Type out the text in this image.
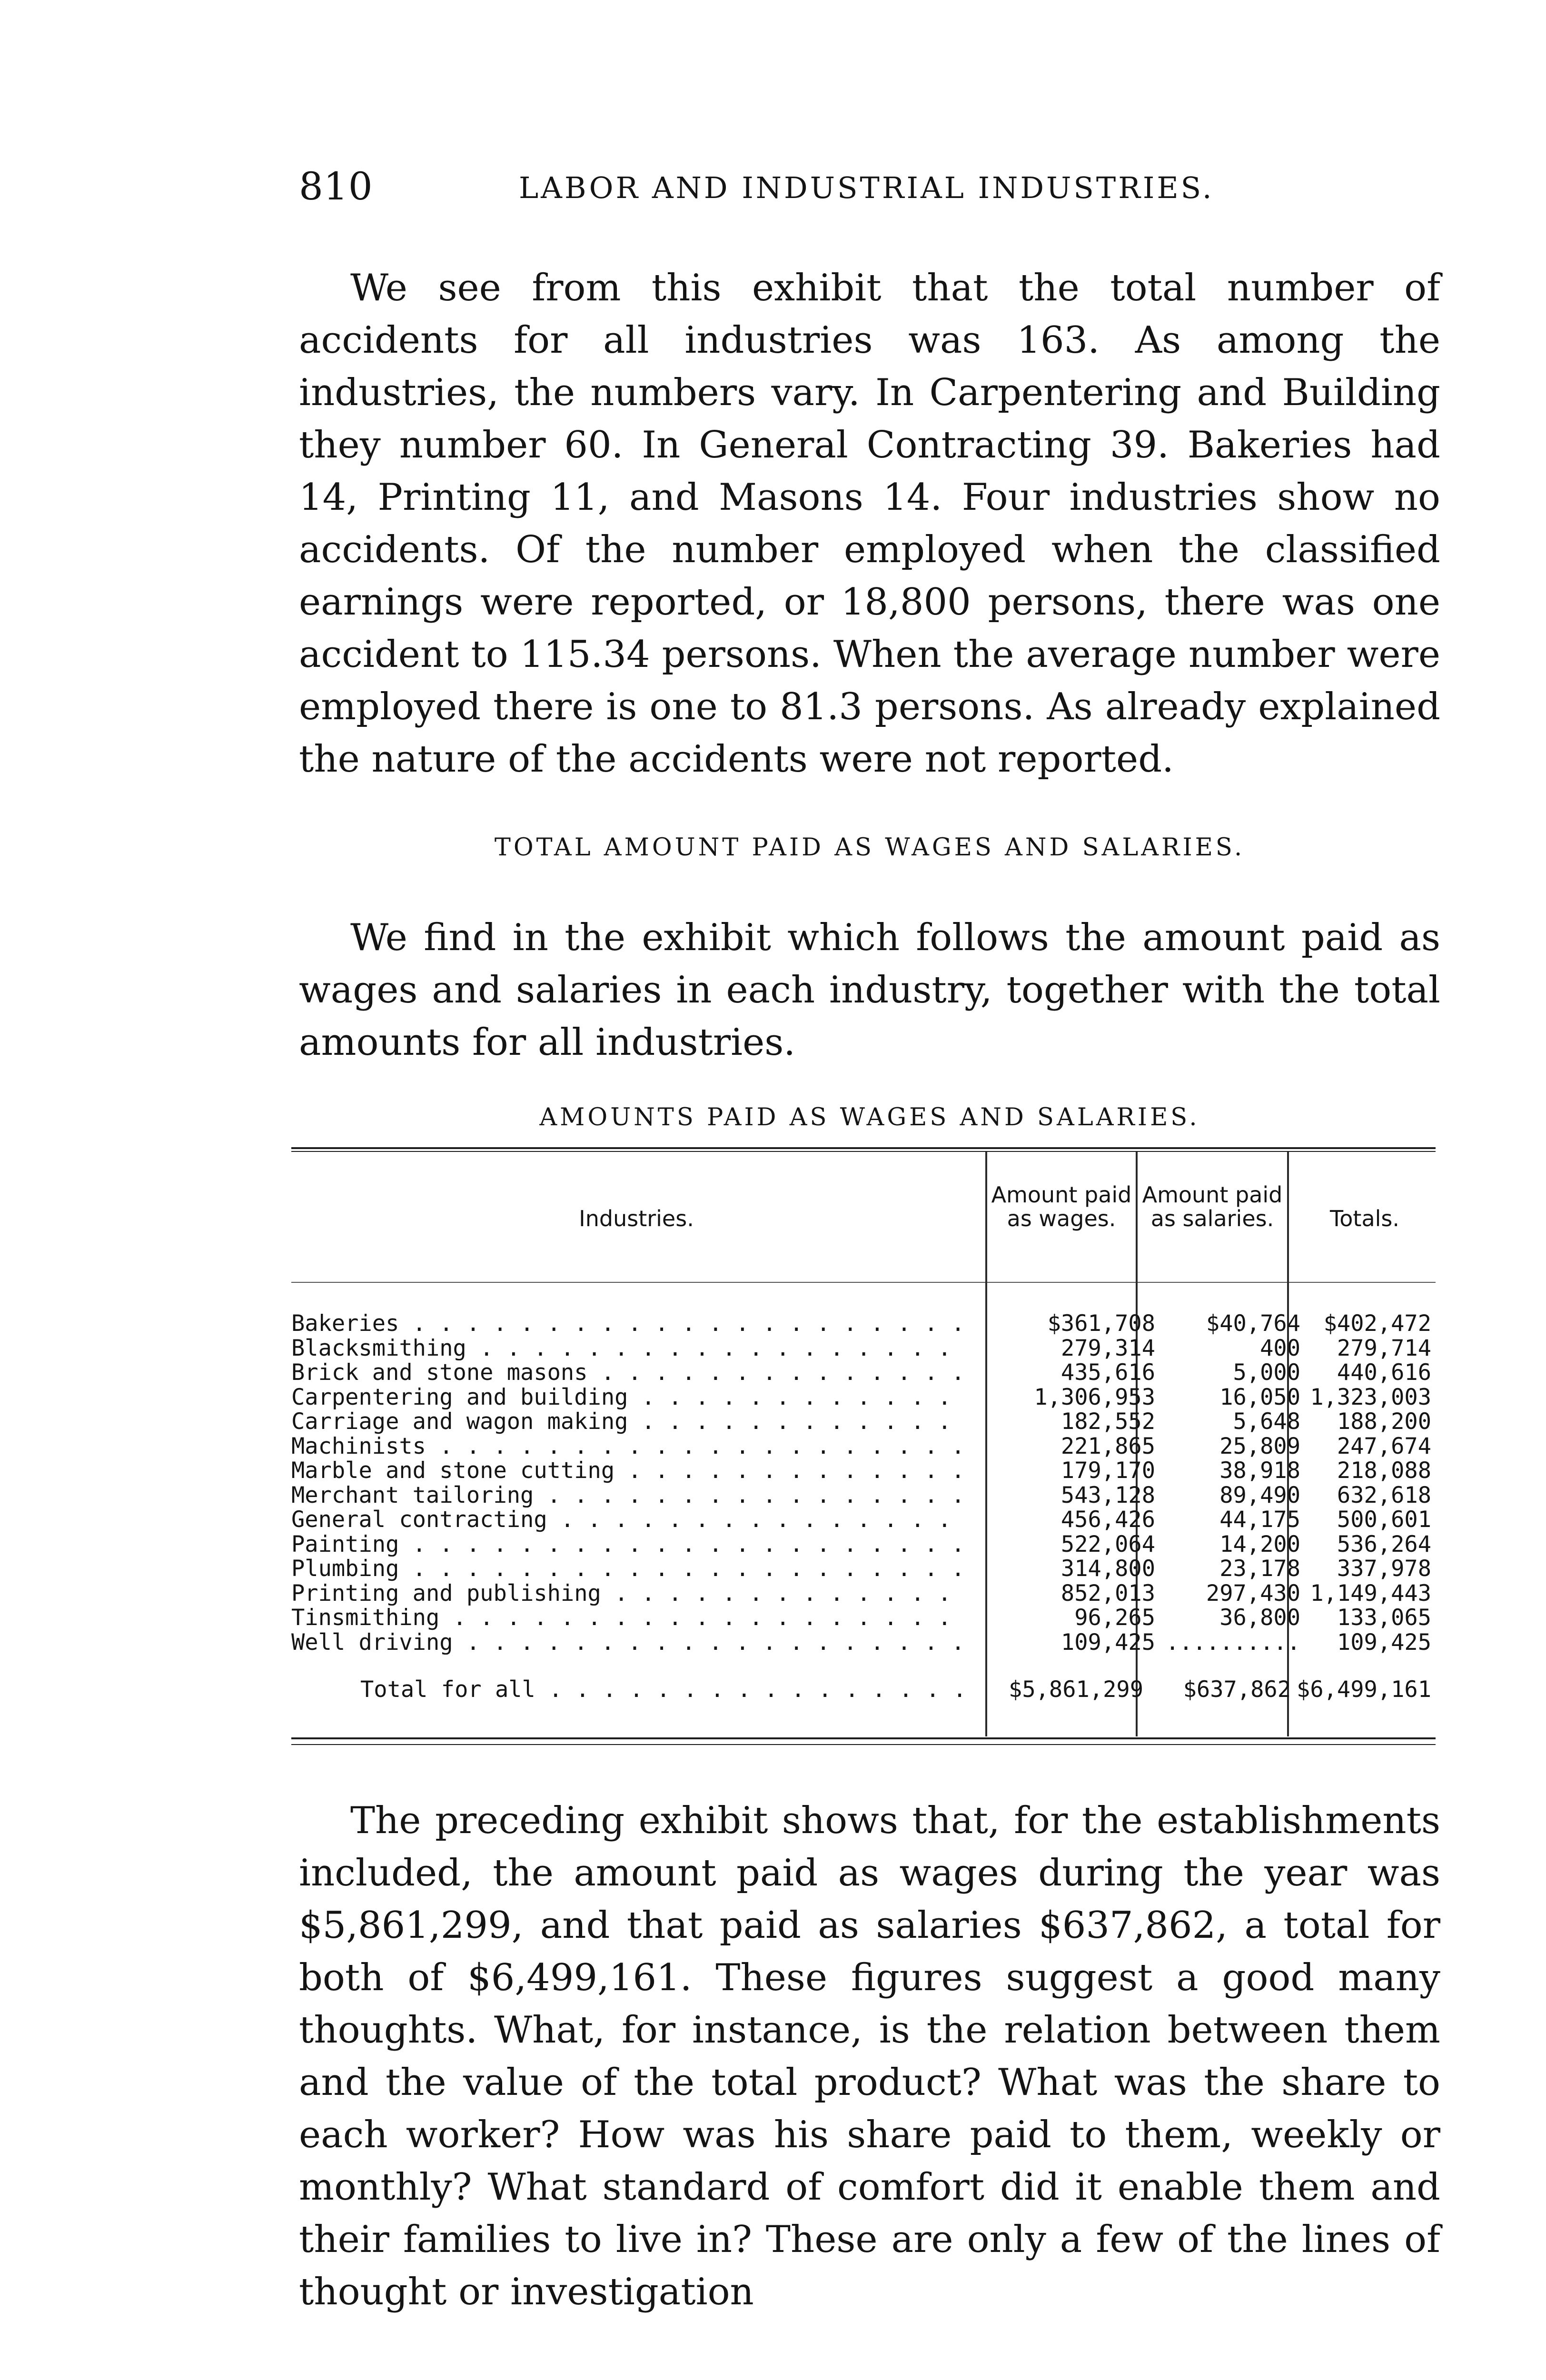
810	LABOR AND INDUSTRIAL INDUSTRIES.

We see from this exhibit that the total number of accidents for all industries was 163. As among the industries, the numbers vary. In Carpentering and Building they number 60. In General Contracting 39. Bakeries had 14, Printing 11, and Masons 14. Four industries show no accidents. Of the number employed when the classified earnings were reported, or 18,800 persons, there was one accident to 115.34 persons. When the average number were employed there is one to 81.3 persons. As already explained the nature of the accidents were not reported.

TOTAL AMOUNT PAID AS WAGES AND SALARIES.

We find in the exhibit which follows the amount paid as wages and salaries in each industry, together with the total amounts for all industries.

AMOUNTS PAID AS WAGES AND SALARIES.
Industries.
Amount paid as wages.
Amount paid as salaries.	Totals.
Bakeries . . .	$361,708	$40,764	$402,472
Blacksmithing . . .	279,314	400	279,714
Brick and stone masons . . .	435,616	5,000	440,616
Carpentering and building . . .	1,306,953	16,050 1,323,003
Carriage and wagon making . . .	182,552	5,648	188,200
Machinists . . .	221,865	25,809	247,674
Marble and stone cutting . . .	179,170	38,918	218,088
Merchant tailoring . . .	543,128	89,490	632,618
General contracting . . .	456,426	44,175	500,601
Painting . . .	522,064	14,200	536,264
Plumbing . . .	314,800	23,178	337,978
Printing and publishing . . .	852,013	297,430 1,149,443
Tinsmithing . . .	96,265	36,800	133,065
Well driving . . .	109,425 ..........	109,425
Total for all . . .	$5,861,299	$637,862 $6,499,161

The preceding exhibit shows that, for the establishments included, the amount paid as wages during the year was $5,861,299, and that paid as salaries $637,862, a total for both of $6,499,161. These figures suggest a good many thoughts. What, for instance, is the relation between them and the value of the total product? What was the share to each worker? How was his share paid to them, weekly or monthly? What standard of comfort did it enable them and their families to live in? These are only a few of the lines of thought or investigation
